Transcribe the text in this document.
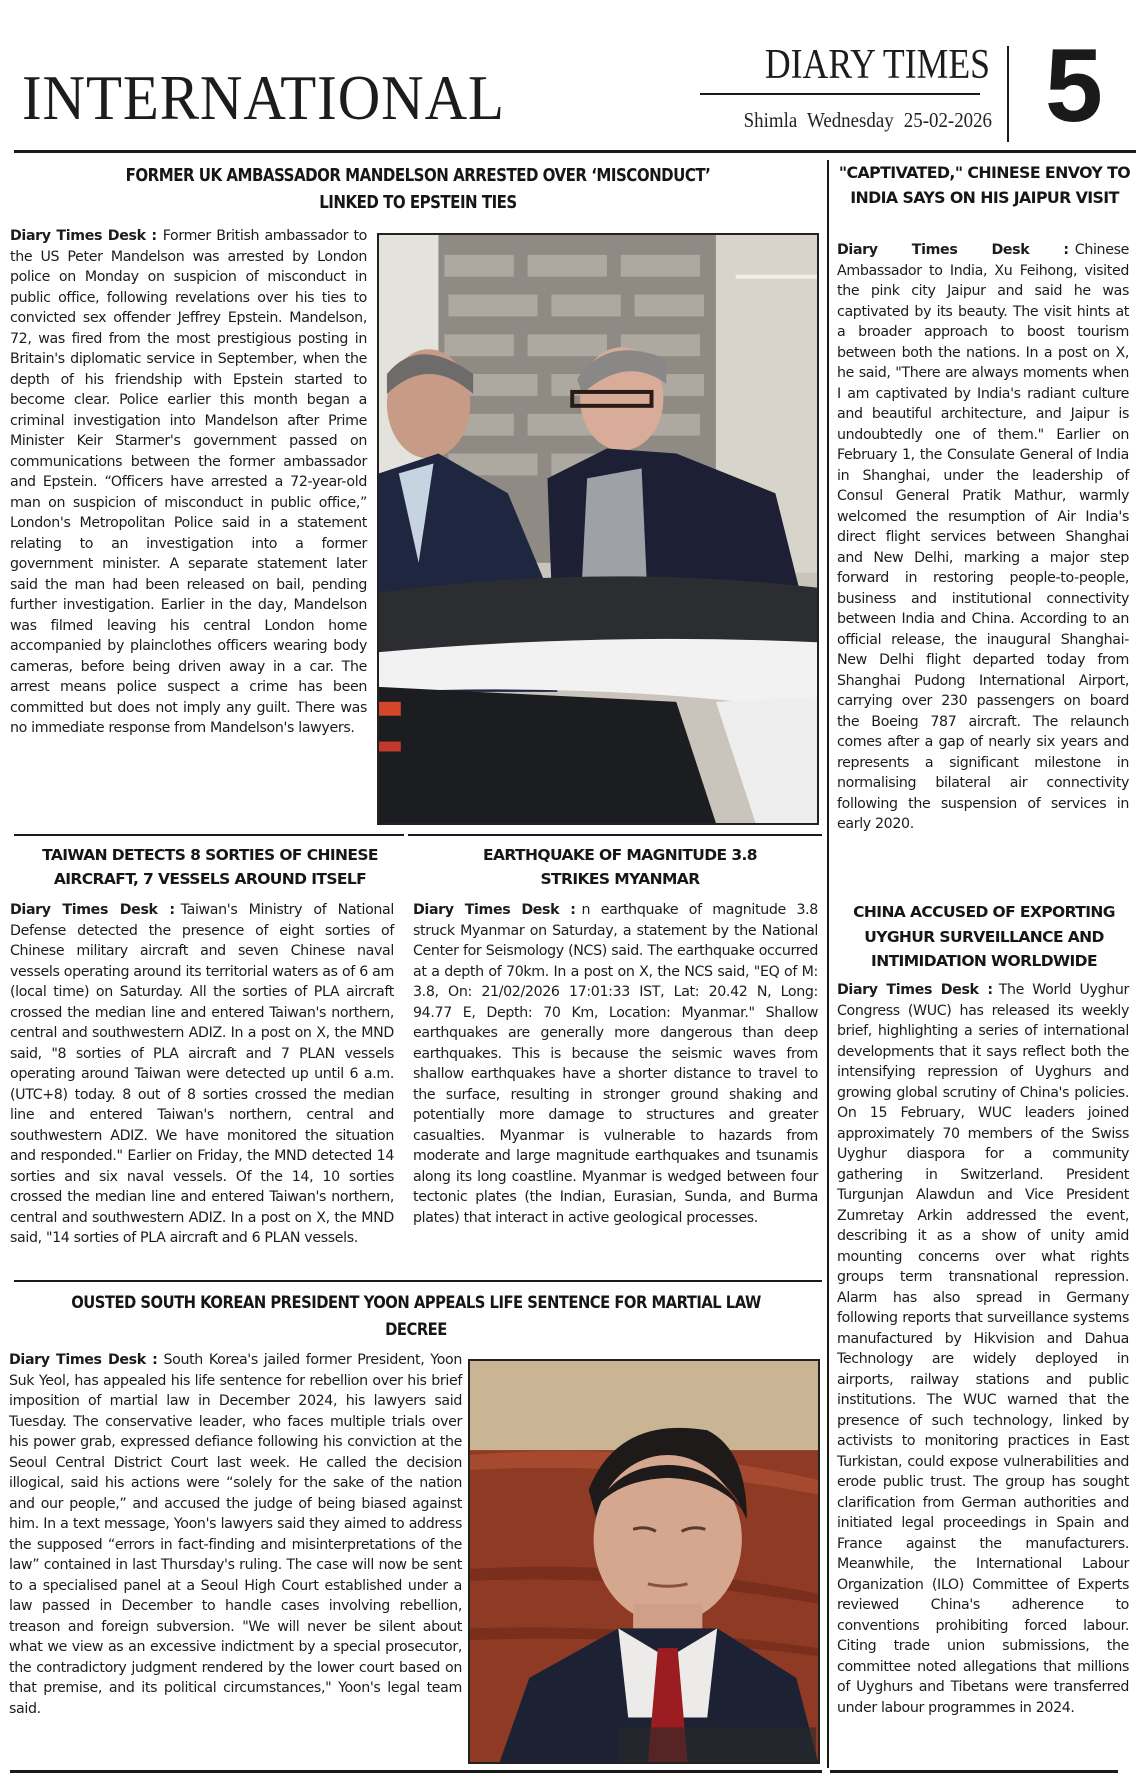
INTERNATIONAL	DIARY TIMES
Shimla Wednesday 25-02-2026 5
FORMER UK AMBASSADOR MANDELSON ARRESTED OVER ‘MISCONDUCT’
LINKED TO EPSTEIN TIES
Diary Times Desk : Former British ambassador to the US Peter Mandelson was arrested by London police on Monday on suspicion of misconduct in public office, following revelations over his ties to convicted sex offender Jeffrey Epstein. Mandelson, 72, was fired from the most prestigious posting in Britain's diplomatic service in September, when the depth of his friendship with Epstein started to become clear. Police earlier this month began a criminal investigation into Mandelson after Prime Minister Keir Starmer's government passed on communications between the former ambassador and Epstein. “Officers have arrested a 72-year-old man on suspicion of misconduct in public office,” London's Metropolitan Police said in a statement relating to an investigation into a former government minister. A separate statement later said the man had been released on bail, pending further investigation. Earlier in the day, Mandelson was filmed leaving his central London home accompanied by plainclothes officers wearing body cameras, before being driven away in a car. The arrest means police suspect a crime has been committed but does not imply any guilt. There was no immediate response from Mandelson's lawyers.
"CAPTIVATED," CHINESE ENVOY TO INDIA SAYS ON HIS JAIPUR VISIT
Diary Times Desk : Chinese Ambassador to India, Xu Feihong, visited the pink city Jaipur and said he was captivated by its beauty. The visit hints at a broader approach to boost tourism between both the nations. In a post on X, he said, "There are always moments when I am captivated by India's radiant culture and beautiful architecture, and Jaipur is undoubtedly one of them." Earlier on February 1, the Consulate General of India in Shanghai, under the leadership of Consul General Pratik Mathur, warmly welcomed the resumption of Air India's direct flight services between Shanghai and New Delhi, marking a major step forward in restoring people-to-people, business and institutional connectivity between India and China. According to an official release, the inaugural Shanghai-New Delhi flight departed today from Shanghai Pudong International Airport, carrying over 230 passengers on board the Boeing 787 aircraft. The relaunch comes after a gap of nearly six years and represents a significant milestone in normalising bilateral air connectivity following the suspension of services in early 2020.
CHINA ACCUSED OF EXPORTING UYGHUR SURVEILLANCE AND INTIMIDATION WORLDWIDE
Diary Times Desk : The World Uyghur Congress (WUC) has released its weekly brief, highlighting a series of international developments that it says reflect both the intensifying repression of Uyghurs and growing global scrutiny of China's policies. On 15 February, WUC leaders joined approximately 70 members of the Swiss Uyghur diaspora for a community gathering in Switzerland. President Turgunjan Alawdun and Vice President Zumretay Arkin addressed the event, describing it as a show of unity amid mounting concerns over what rights groups term transnational repression. Alarm has also spread in Germany following reports that surveillance systems manufactured by Hikvision and Dahua Technology are widely deployed in airports, railway stations and public institutions. The WUC warned that the presence of such technology, linked by activists to monitoring practices in East Turkistan, could expose vulnerabilities and erode public trust. The group has sought clarification from German authorities and initiated legal proceedings in Spain and France against the manufacturers. Meanwhile, the International Labour Organization (ILO) Committee of Experts reviewed China's adherence to conventions prohibiting forced labour. Citing trade union submissions, the committee noted allegations that millions of Uyghurs and Tibetans were transferred under labour programmes in 2024.
TAIWAN DETECTS 8 SORTIES OF CHINESE AIRCRAFT, 7 VESSELS AROUND ITSELF
Diary Times Desk : Taiwan's Ministry of National Defense detected the presence of eight sorties of Chinese military aircraft and seven Chinese naval vessels operating around its territorial waters as of 6 am (local time) on Saturday. All the sorties of PLA aircraft crossed the median line and entered Taiwan's northern, central and southwestern ADIZ. In a post on X, the MND said, "8 sorties of PLA aircraft and 7 PLAN vessels operating around Taiwan were detected up until 6 a.m. (UTC+8) today. 8 out of 8 sorties crossed the median line and entered Taiwan's northern, central and southwestern ADIZ. We have monitored the situation and responded." Earlier on Friday, the MND detected 14 sorties and six naval vessels. Of the 14, 10 sorties crossed the median line and entered Taiwan's northern, central and southwestern ADIZ. In a post on X, the MND said, "14 sorties of PLA aircraft and 6 PLAN vessels.
EARTHQUAKE OF MAGNITUDE 3.8 STRIKES MYANMAR
Diary Times Desk : n earthquake of magnitude 3.8 struck Myanmar on Saturday, a statement by the National Center for Seismology (NCS) said. The earthquake occurred at a depth of 70km. In a post on X, the NCS said, "EQ of M: 3.8, On: 21/02/2026 17:01:33 IST, Lat: 20.42 N, Long: 94.77 E, Depth: 70 Km, Location: Myanmar." Shallow earthquakes are generally more dangerous than deep earthquakes. This is because the seismic waves from shallow earthquakes have a shorter distance to travel to the surface, resulting in stronger ground shaking and potentially more damage to structures and greater casualties. Myanmar is vulnerable to hazards from moderate and large magnitude earthquakes and tsunamis along its long coastline. Myanmar is wedged between four tectonic plates (the Indian, Eurasian, Sunda, and Burma plates) that interact in active geological processes.
OUSTED SOUTH KOREAN PRESIDENT YOON APPEALS LIFE SENTENCE FOR MARTIAL LAW
DECREE
Diary Times Desk : South Korea's jailed former President, Yoon Suk Yeol, has appealed his life sentence for rebellion over his brief imposition of martial law in December 2024, his lawyers said Tuesday. The conservative leader, who faces multiple trials over his power grab, expressed defiance following his conviction at the Seoul Central District Court last week. He called the decision illogical, said his actions were “solely for the sake of the nation and our people,” and accused the judge of being biased against him. In a text message, Yoon's lawyers said they aimed to address the supposed “errors in fact-finding and misinterpretations of the law” contained in last Thursday's ruling. The case will now be sent to a specialised panel at a Seoul High Court established under a law passed in December to handle cases involving rebellion, treason and foreign subversion. "We will never be silent about what we view as an excessive indictment by a special prosecutor, the contradictory judgment rendered by the lower court based on that premise, and its political circumstances," Yoon's legal team said.
